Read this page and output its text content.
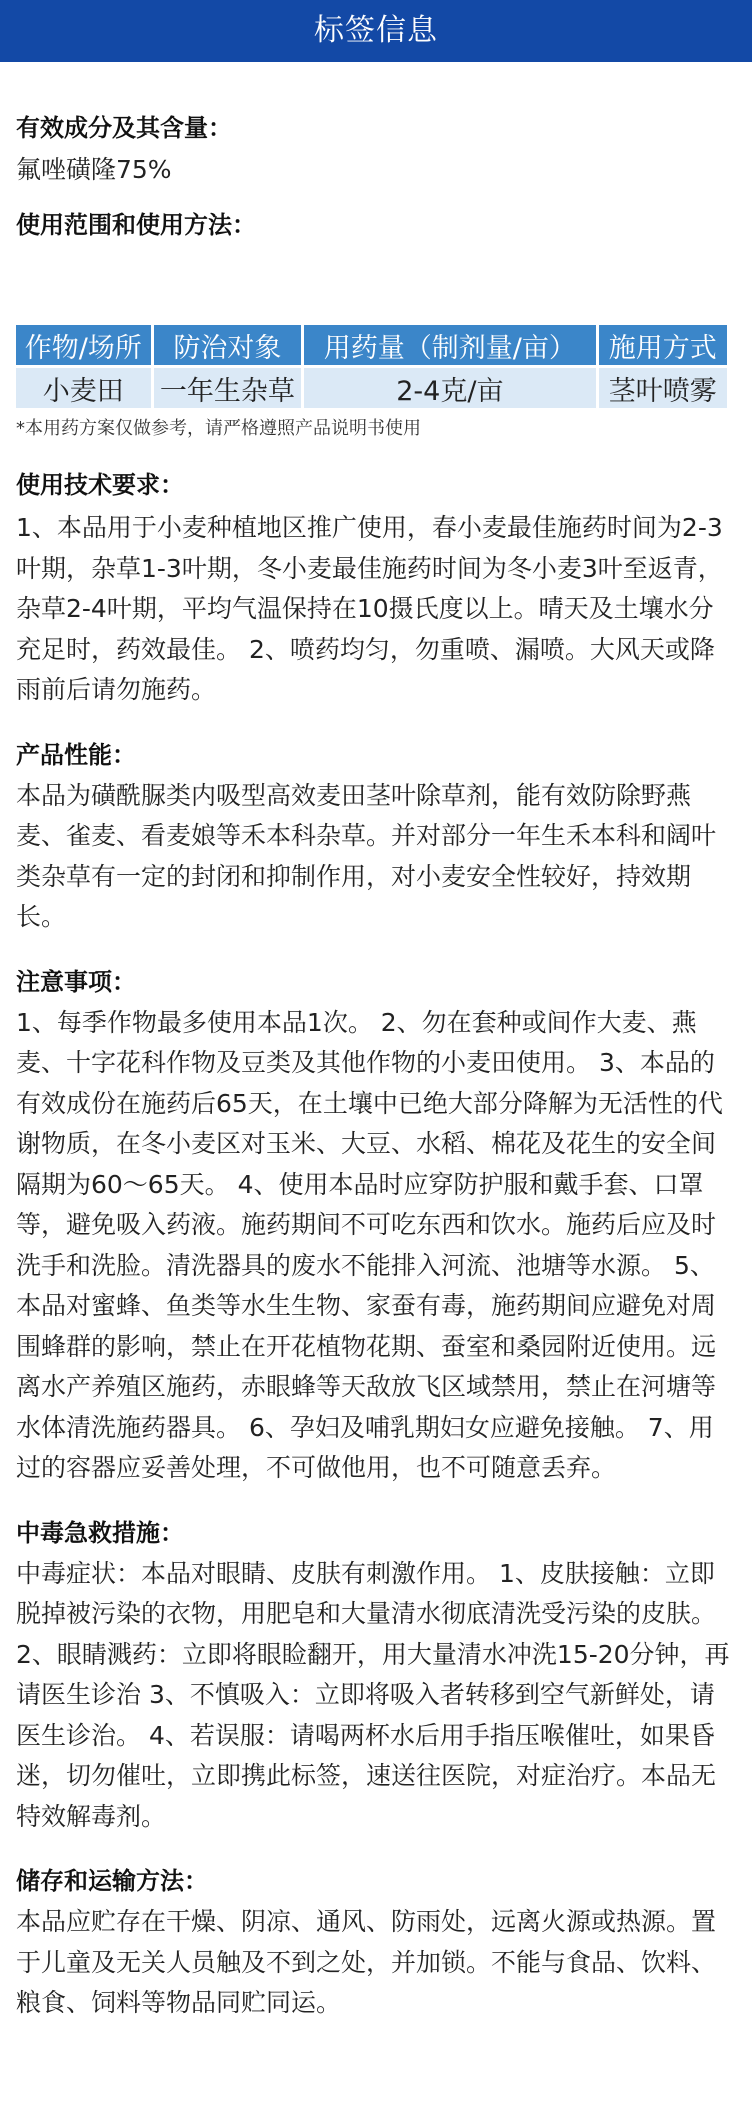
标签信息
有效成分及其含量：

氟唑磺隆75%

使用范围和使用方法：
作物/场所	防治对象	用药量（制剂量/亩）	施用方式
小麦田	一年生杂草	2-4克/亩	茎叶喷雾

*本用药方案仅做参考，请严格遵照产品说明书使用

使用技术要求：

1、本品用于小麦种植地区推广使用，春小麦最佳施药时间为2-3叶期，杂草1-3叶期，冬小麦最佳施药时间为冬小麦3叶至返青，杂草2-4叶期，平均气温保持在10摄氏度以上。晴天及土壤水分充足时，药效最佳。 2、喷药均匀，勿重喷、漏喷。大风天或降雨前后请勿施药。

产品性能：

本品为磺酰脲类内吸型高效麦田茎叶除草剂，能有效防除野燕麦、雀麦、看麦娘等禾本科杂草。并对部分一年生禾本科和阔叶类杂草有一定的封闭和抑制作用，对小麦安全性较好，持效期长。

注意事项：

1、每季作物最多使用本品1次。 2、勿在套种或间作大麦、燕麦、十字花科作物及豆类及其他作物的小麦田使用。 3、本品的有效成份在施药后65天，在土壤中已绝大部分降解为无活性的代谢物质，在冬小麦区对玉米、大豆、水稻、棉花及花生的安全间隔期为60～65天。 4、使用本品时应穿防护服和戴手套、口罩等，避免吸入药液。施药期间不可吃东西和饮水。施药后应及时洗手和洗脸。清洗器具的废水不能排入河流、池塘等水源。 5、本品对蜜蜂、鱼类等水生生物、家蚕有毒，施药期间应避免对周围蜂群的影响，禁止在开花植物花期、蚕室和桑园附近使用。远离水产养殖区施药，赤眼蜂等天敌放飞区域禁用，禁止在河塘等水体清洗施药器具。 6、孕妇及哺乳期妇女应避免接触。 7、用过的容器应妥善处理，不可做他用，也不可随意丢弃。

中毒急救措施：

中毒症状：本品对眼睛、皮肤有刺激作用。 1、皮肤接触：立即脱掉被污染的衣物，用肥皂和大量清水彻底清洗受污染的皮肤。 2、眼睛溅药：立即将眼睑翻开，用大量清水冲洗15-20分钟，再请医生诊治 3、不慎吸入：立即将吸入者转移到空气新鲜处，请医生诊治。 4、若误服：请喝两杯水后用手指压喉催吐，如果昏迷，切勿催吐，立即携此标签，速送往医院，对症治疗。本品无特效解毒剂。

储存和运输方法：

本品应贮存在干燥、阴凉、通风、防雨处，远离火源或热源。置于儿童及无关人员触及不到之处，并加锁。不能与食品、饮料、粮食、饲料等物品同贮同运。
